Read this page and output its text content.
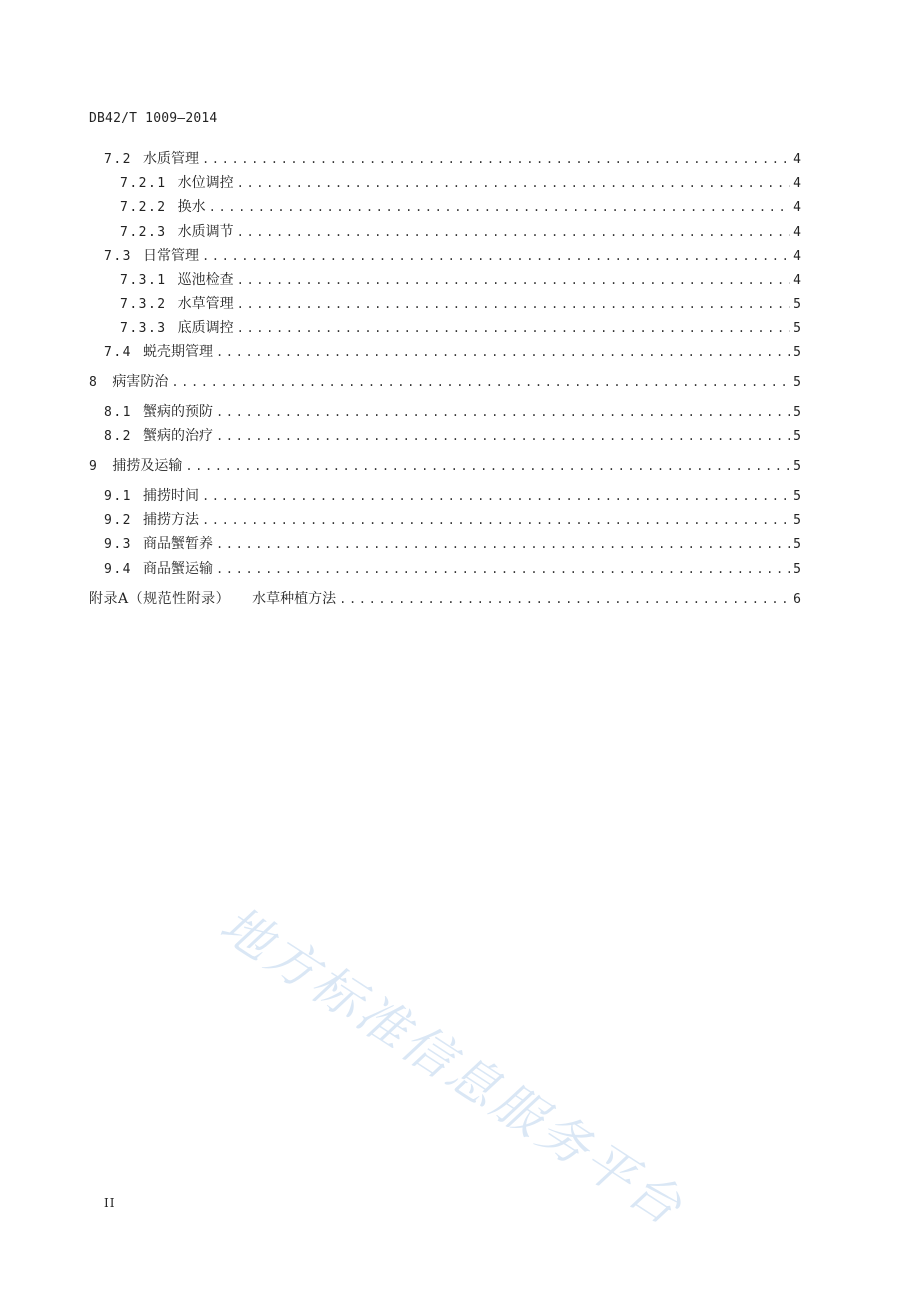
DB42/T 1009—2014
7.2 水质管理 .....	4
7.2.1 水位调控 .....	4
7.2.2 换水 .....	4
7.2.3 水质调节 .....	4
7.3 日常管理 .....	4
7.3.1 巡池检查 .....	4
7.3.2 水草管理 .....	5
7.3.3 底质调控 .....	5
7.4 蜕壳期管理 .....	5
8 病害防治 .....	5
8.1 蟹病的预防 .....	5
8.2 蟹病的治疗 .....	5
9 捕捞及运输 .....	5
9.1 捕捞时间 .....	5
9.2 捕捞方法 .....	5
9.3 商品蟹暂养 .....	5
9.4 商品蟹运输 .....	5
附录A（规范性附录） 水草种植方法 .....	6
II 地方标准信息服务平台
